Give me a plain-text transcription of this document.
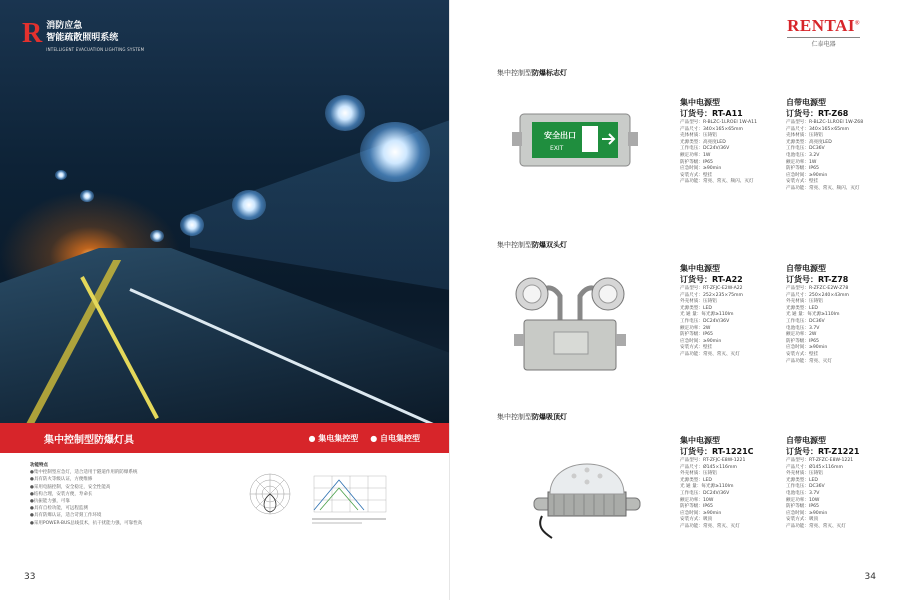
R 消防应急
智能疏散照明系统
INTELLIGENT EVACUATION LIGHTING SYSTEM
集中控制型防爆灯具	● 集电集控型 ● 自电集控型
功能特点
●集中控制型应急灯，适合适用于隧道作用的防爆系统
●具有防火等级认证，方便维修
●采用电脑控制，安全稳定，安全性能高
●结构合理，安装方便，寿命长
●抗振能力强，可靠
●具有自检功能，可远程监测
●具有防爆认证，适合苛刻工作环境
●采用POWER-BUS总线技术，抗干扰能力强，可靠性高
33
RENTAI®
仁泰电器
集中控制型防爆标志灯
安全出口
EXIT
集中电源型
订货号：RT-A11
产品型号：R-BLZC-1LROEI 1W-A11
产品尺寸：340×165×65mm
壳体材质：压铸铝
光源类型：高亮度LED
工作电压：DC24V/36V
额定功率：1W
防护等级：IP65
应急时间：≥90min
安装方式：壁挂
产品功能：常亮、常灭、频闪、灭灯
自带电源型
订货号：RT-Z68
产品型号：R-BLZC-1LROEI 1W-Z68
产品尺寸：340×165×65mm
壳体材质：压铸铝
光源类型：高亮度LED
工作电压：DC36V
电池电压：3.2V
额定功率：1W
防护等级：IP65
应急时间：≥90min
安装方式：壁挂
产品功能：常亮、常灭、频闪、灭灯
集中控制型防爆双头灯
集中电源型
订货号：RT-A22
产品型号：RT-ZFJC-E2W-A22
产品尺寸：252×235×75mm
外壳材质：压铸铝
光源类型：LED
光 通 量：每光源≥110lm
工作电压：DC24V/36V
额定功率：2W
防护等级：IP65
应急时间：≥90min
安装方式：壁挂
产品功能：常亮、常灭、灭灯
自带电源型
订货号：RT-Z78
产品型号：R-ZFZC-E2W-Z78
产品尺寸：250×240×43mm
外壳材质：压铸铝
光源类型：LED
光 通 量：每光源≥110lm
工作电压：DC36V
电池电压：3.7V
额定功率：2W
防护等级：IP65
应急时间：≥90min
安装方式：壁挂
产品功能：常亮、灭灯
集中控制型防爆吸顶灯
集中电源型
订货号：RT-1221C
产品型号：RT-ZFJC-E8W-1221
产品尺寸：Ø145×116mm
外壳材质：压铸铝
光源类型：LED
光 通 量：每光源≥110lm
工作电压：DC24V/36V
额定功率：10W
防护等级：IP65
应急时间：≥90min
安装方式：吸顶
产品功能：常亮、常灭、灭灯
自带电源型
订货号：RT-Z1221
产品型号：RT-ZFZC-E8W-1221
产品尺寸：Ø145×116mm
外壳材质：压铸铝
光源类型：LED
工作电压：DC36V
电池电压：3.7V
额定功率：10W
防护等级：IP65
应急时间：≥90min
安装方式：吸顶
产品功能：常亮、常灭、灭灯
34
